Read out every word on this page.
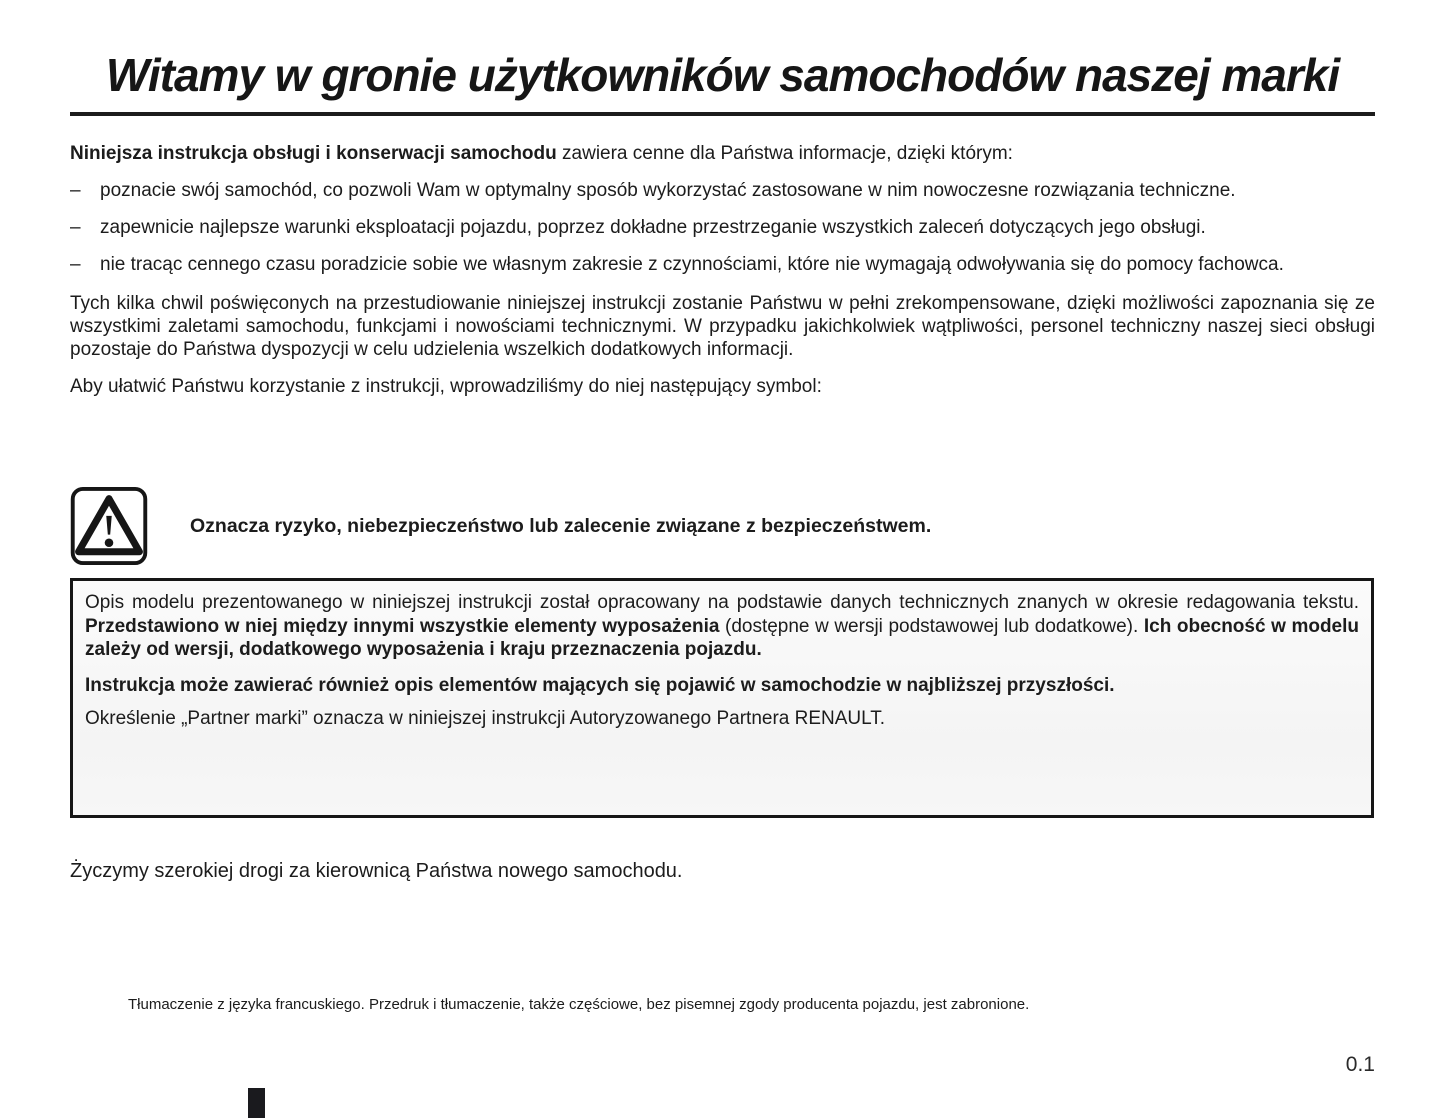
Witamy w gronie użytkowników samochodów naszej marki

Niniejsza instrukcja obsługi i konserwacji samochodu zawiera cenne dla Państwa informacje, dzięki którym:

–	poznacie swój samochód, co pozwoli Wam w optymalny sposób wykorzystać zastosowane w nim nowoczesne rozwiązania techniczne.
–	zapewnicie najlepsze warunki eksploatacji pojazdu, poprzez dokładne przestrzeganie wszystkich zaleceń dotyczących jego obsługi.
–	nie tracąc cennego czasu poradzicie sobie we własnym zakresie z czynnościami, które nie wymagają odwoływania się do pomocy fachowca.

Tych kilka chwil poświęconych na przestudiowanie niniejszej instrukcji zostanie Państwu w pełni zrekompensowane, dzięki możliwości zapoznania się ze wszystkimi zaletami samochodu, funkcjami i nowościami technicznymi. W przypadku jakichkolwiek wątpliwości, personel techniczny naszej sieci obsługi pozostaje do Państwa dyspozycji w celu udzielenia wszelkich dodatkowych informacji.

Aby ułatwić Państwu korzystanie z instrukcji, wprowadziliśmy do niej następujący symbol:

Oznacza ryzyko, niebezpieczeństwo lub zalecenie związane z bezpieczeństwem.

Opis modelu prezentowanego w niniejszej instrukcji został opracowany na podstawie danych technicznych znanych w okresie redagowania tekstu. Przedstawiono w niej między innymi wszystkie elementy wyposażenia (dostępne w wersji podstawowej lub dodatkowe). Ich obecność w modelu zależy od wersji, dodatkowego wyposażenia i kraju przeznaczenia pojazdu.

Instrukcja może zawierać również opis elementów mających się pojawić w samochodzie w najbliższej przyszłości.

Określenie „Partner marki” oznacza w niniejszej instrukcji Autoryzowanego Partnera RENAULT.

Życzymy szerokiej drogi za kierownicą Państwa nowego samochodu.

Tłumaczenie z języka francuskiego. Przedruk i tłumaczenie, także częściowe, bez pisemnej zgody producenta pojazdu, jest zabronione.

0.1
